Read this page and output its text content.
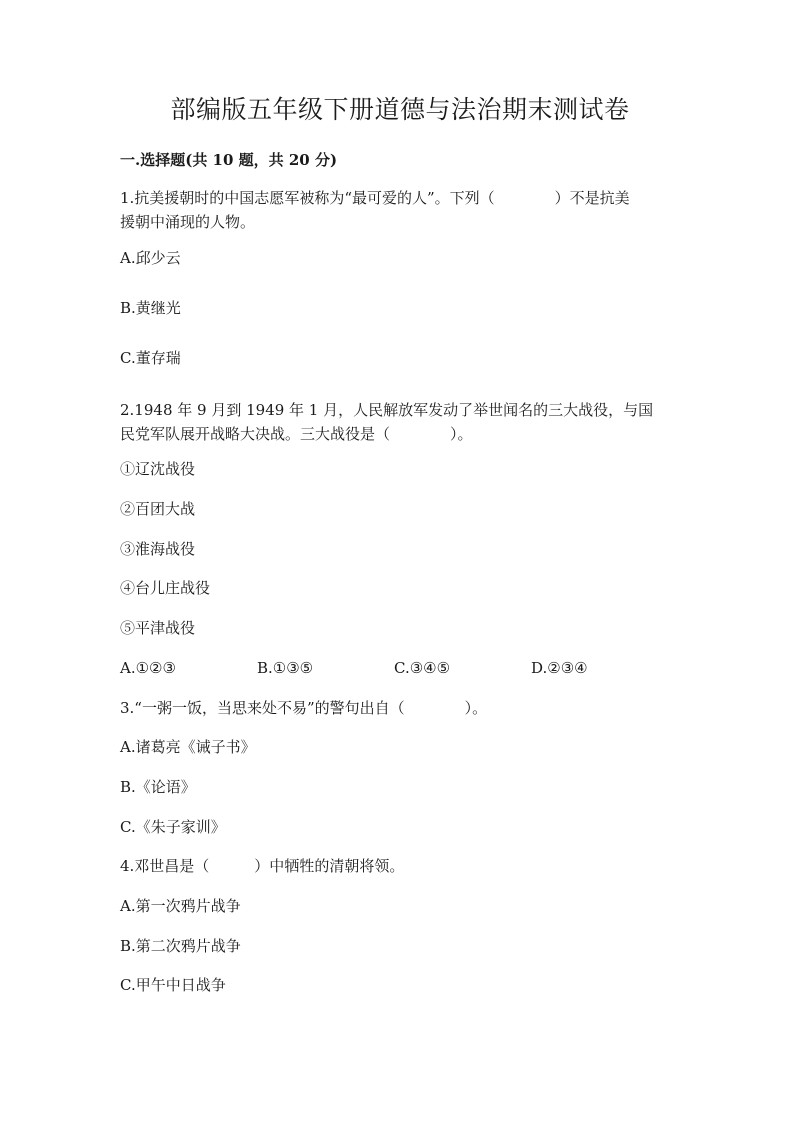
部编版五年级下册道德与法治期末测试卷
一.选择题(共 10 题，共 20 分)
1.抗美援朝时的中国志愿军被称为“最可爱的人”。下列（　　　　）不是抗美
援朝中涌现的人物。
A.邱少云
B.黄继光
C.董存瑞
2.1948 年 9 月到 1949 年 1 月，人民解放军发动了举世闻名的三大战役，与国
民党军队展开战略大决战。三大战役是（　　　　）。
①辽沈战役
②百团大战
③淮海战役
④台儿庄战役
⑤平津战役
A.①②③	B.①③⑤	C.③④⑤	D.②③④
3.“一粥一饭，当思来处不易”的警句出自（　　　　）。
A.诸葛亮《诫子书》
B.《论语》
C.《朱子家训》
4.邓世昌是（　　　）中牺牲的清朝将领。
A.第一次鸦片战争
B.第二次鸦片战争
C.甲午中日战争
